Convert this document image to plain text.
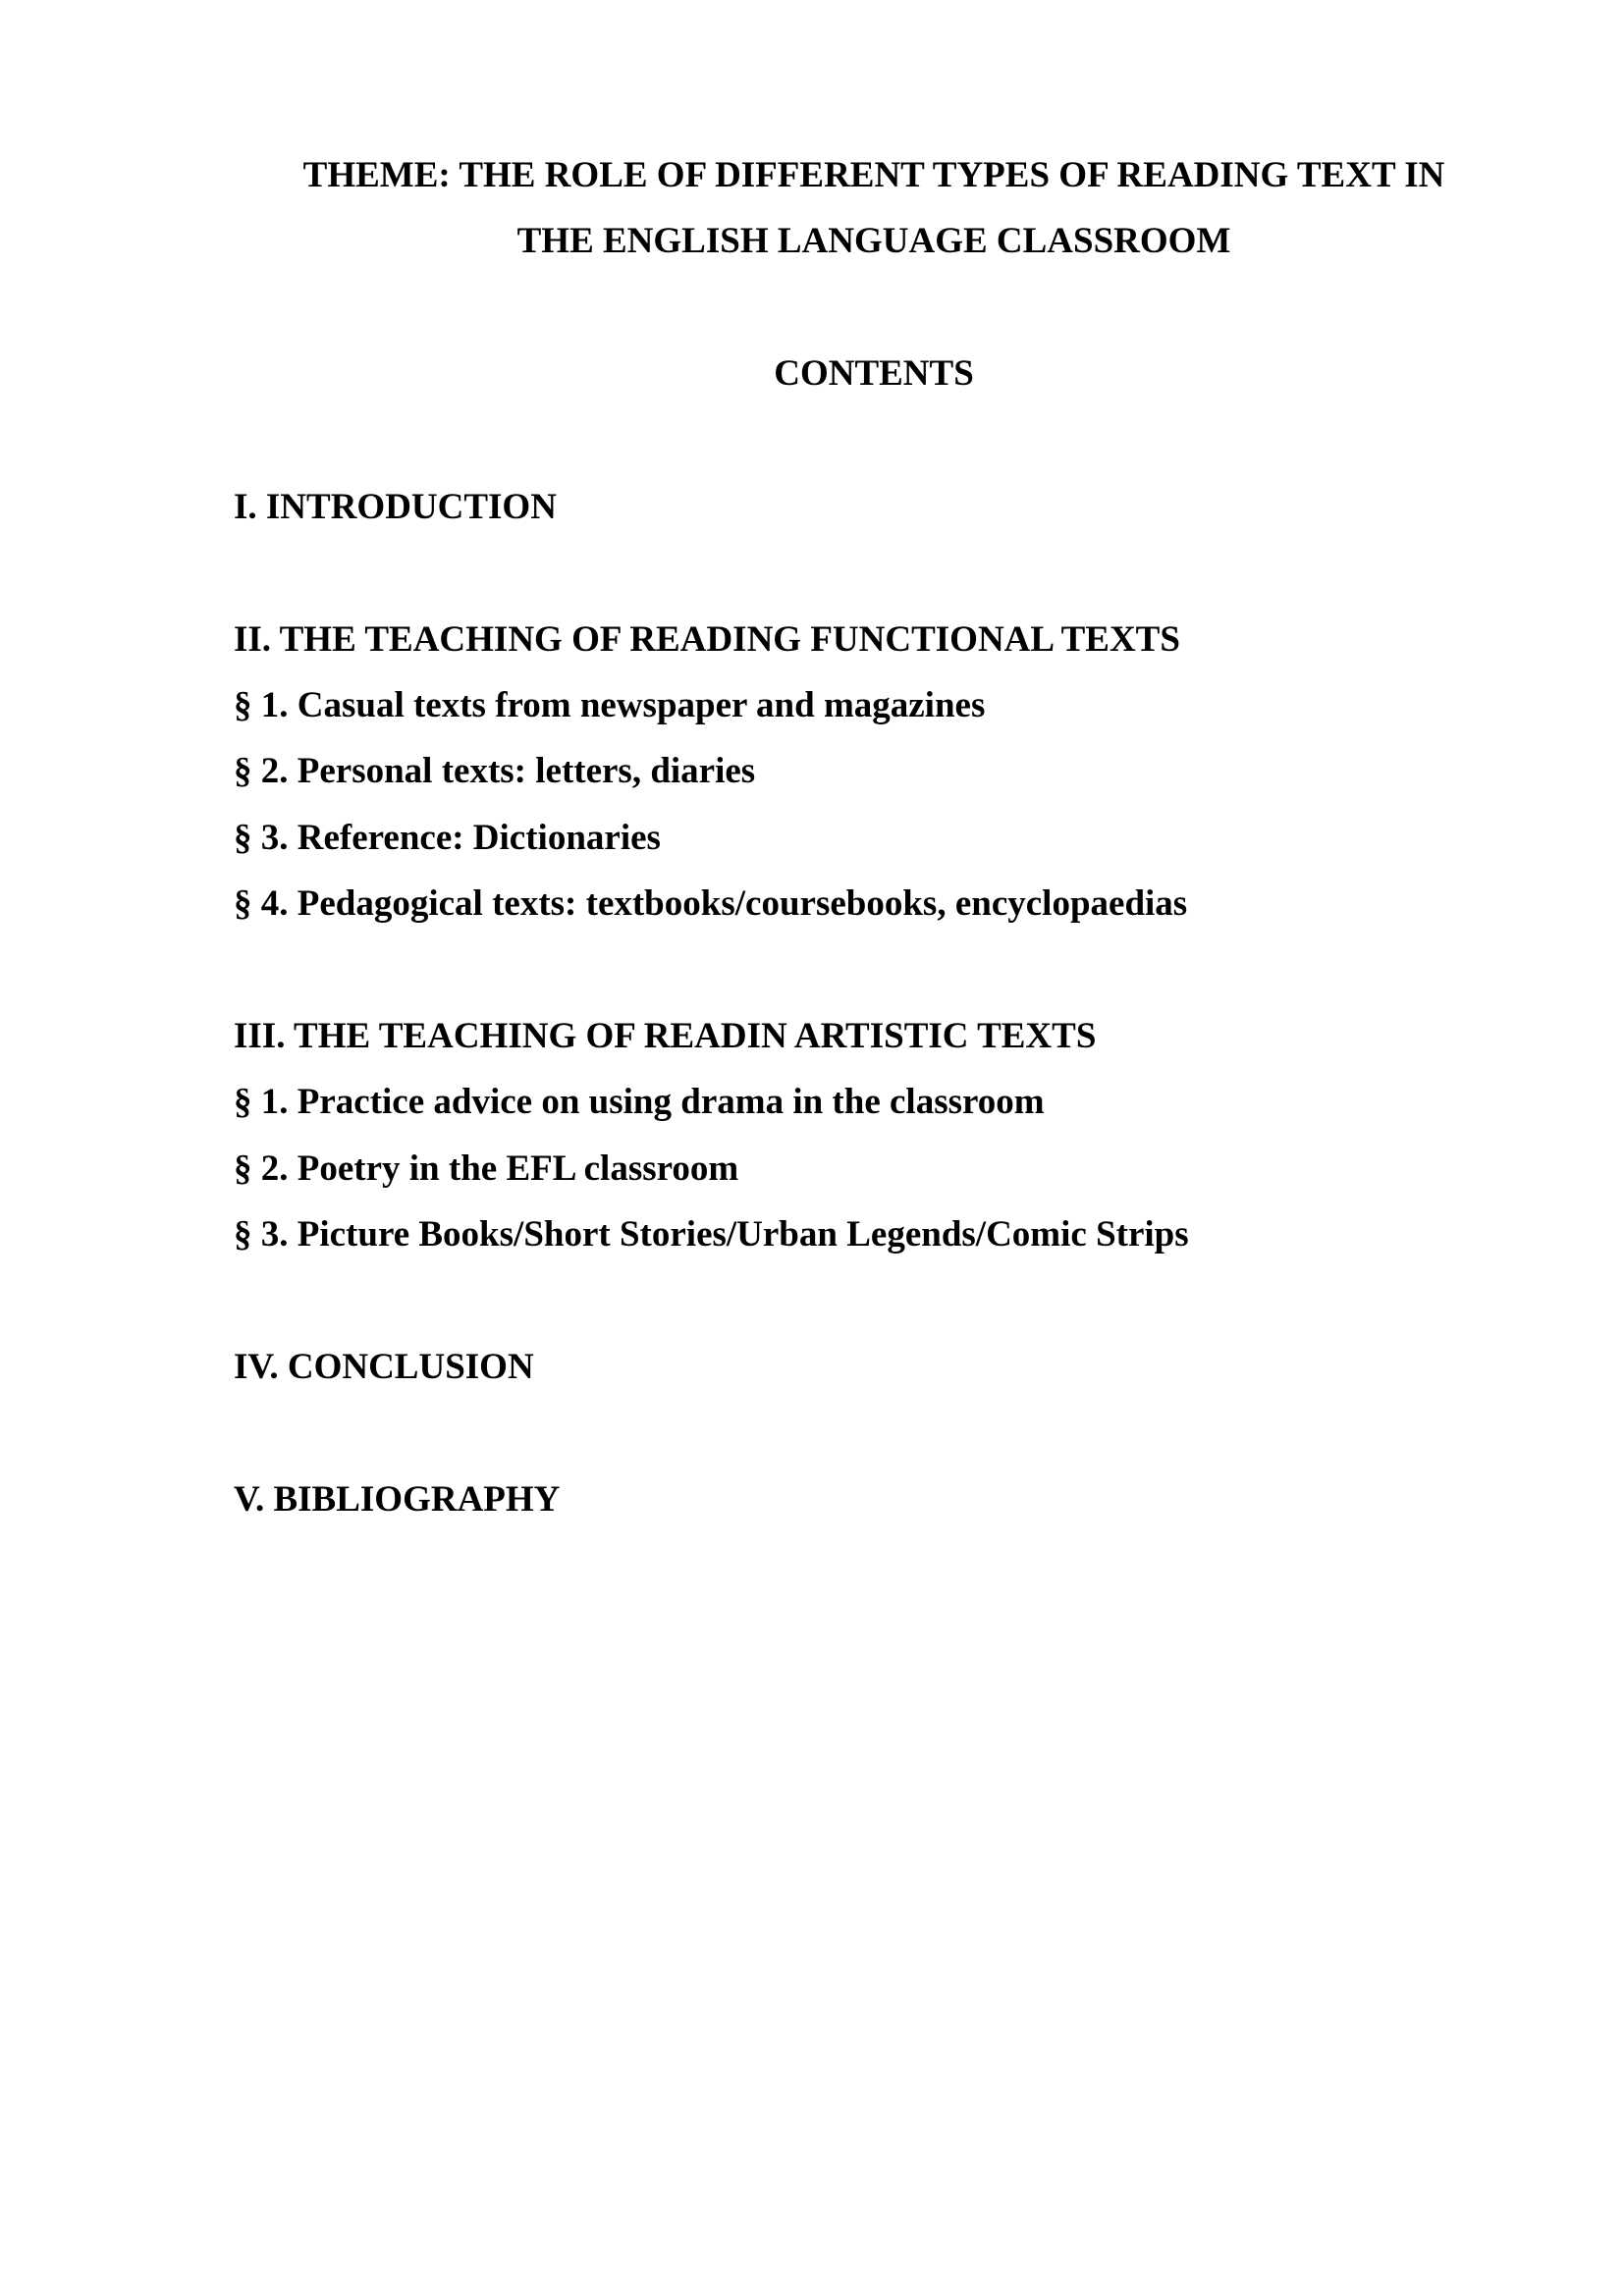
THEME: THE ROLE OF DIFFERENT TYPES OF READING TEXT IN
THE ENGLISH LANGUAGE CLASSROOM
CONTENTS
I. INTRODUCTION
II. THE TEACHING OF READING FUNCTIONAL TEXTS
§ 1. Casual texts from newspaper and magazines
§ 2. Personal texts: letters, diaries
§ 3. Reference: Dictionaries
§ 4. Pedagogical texts: textbooks/coursebooks, encyclopaedias
III. THE TEACHING OF READIN ARTISTIC TEXTS
§ 1. Practice advice on using drama in the classroom
§ 2. Poetry in the EFL classroom
§ 3. Picture Books/Short Stories/Urban Legends/Comic Strips
IV. CONCLUSION
V. BIBLIOGRAPHY
